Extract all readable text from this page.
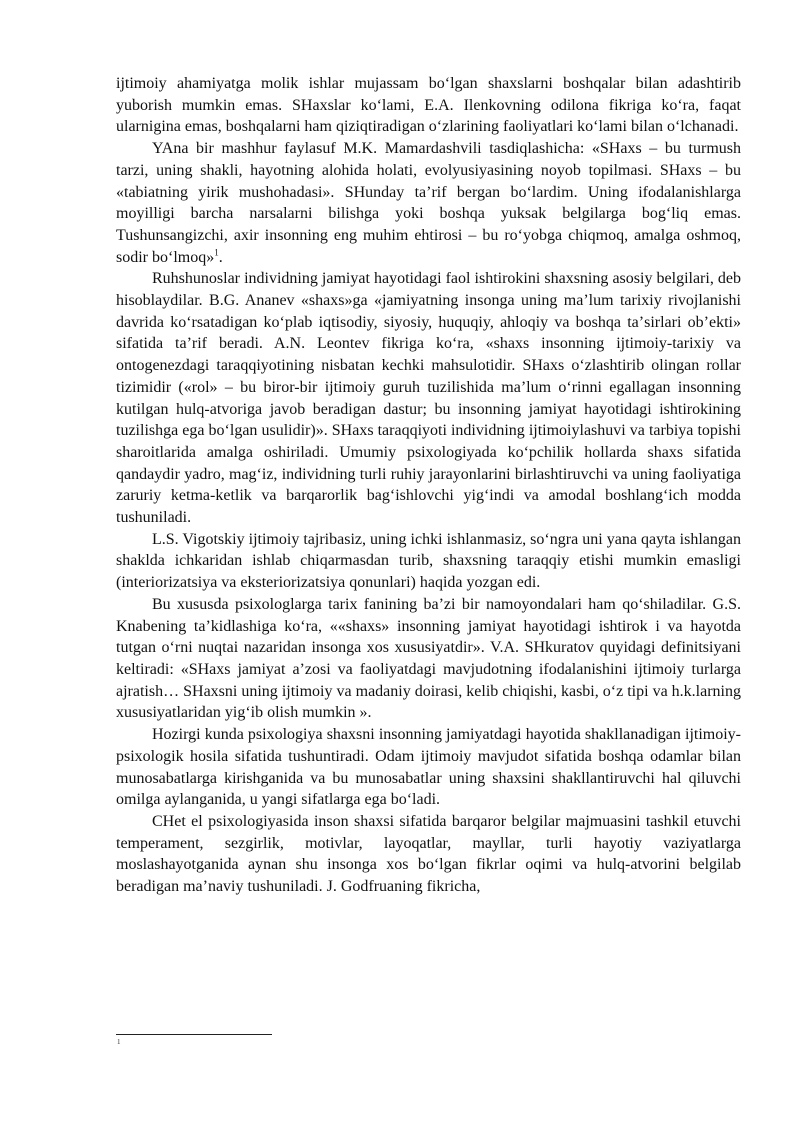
ijtimoiy ahamiyatga molik ishlar mujassam boʻlgan shaxslarni boshqalar bilan adashtirib yuborish mumkin emas. SHaxslar koʻlami, E.A. Ilenkovning odilona fikriga koʻra, faqat ularnigina emas, boshqalarni ham qiziqtiradigan oʻzlarining faoliyatlari koʻlami bilan oʻlchanadi.

YAna bir mashhur faylasuf M.K. Mamardashvili tasdiqlashicha: «SHaxs – bu turmush tarzi, uning shakli, hayotning alohida holati, evolyusiyasining noyob topilmasi. SHaxs – bu «tabiatning yirik mushohadasi». SHunday taʼrif bergan boʻlardim. Uning ifodalanishlarga moyilligi barcha narsalarni bilishga yoki boshqa yuksak belgilarga bogʻliq emas. Tushunsangizchi, axir insonning eng muhim ehtirosi – bu roʻyobga chiqmoq, amalga oshmoq, sodir boʻlmoq»$^1$.

Ruhshunoslar individning jamiyat hayotidagi faol ishtirokini shaxsning asosiy belgilari, deb hisoblaydilar. B.G. Ananev «shaxs»ga «jamiyatning insonga uning maʼlum tarixiy rivojlanishi davrida koʻrsatadigan koʻplab iqtisodiy, siyosiy, huquqiy, ahloqiy va boshqa taʼsirlari obʼekti» sifatida taʼrif beradi. A.N. Leontev fikriga koʻra, «shaxs insonning ijtimoiy-tarixiy va ontogenezdagi taraqqiyotining nisbatan kechki mahsulotidir. SHaxs oʻzlashtirib olingan rollar tizimidir («rol» – bu biror-bir ijtimoiy guruh tuzilishida maʼlum oʻrinni egallagan insonning kutilgan hulq-atvoriga javob beradigan dastur; bu insonning jamiyat hayotidagi ishtirokining tuzilishga ega boʻlgan usulidir)». SHaxs taraqqiyoti individning ijtimoiylashuvi va tarbiya topishi sharoitlarida amalga oshiriladi. Umumiy psixologiyada koʻpchilik hollarda shaxs sifatida qandaydir yadro, magʻiz, individning turli ruhiy jarayonlarini birlashtiruvchi va uning faoliyatiga zaruriy ketma-ketlik va barqarorlik bagʻishlovchi yigʻindi va amodal boshlangʻich modda tushuniladi.

L.S. Vigotskiy ijtimoiy tajribasiz, uning ichki ishlanmasiz, soʻngra uni yana qayta ishlangan shaklda ichkaridan ishlab chiqarmasdan turib, shaxsning taraqqiy etishi mumkin emasligi (interiorizatsiya va eksteriorizatsiya qonunlari) haqida yozgan edi.

Bu xususda psixologlarga tarix fanining baʼzi bir namoyondalari ham qoʻshiladilar. G.S. Knabening taʼkidlashiga koʻra, ««shaxs» insonning jamiyat hayotidagi ishtirok i va hayotda tutgan oʻrni nuqtai nazaridan insonga xos xususiyatdir». V.A. SHkuratov quyidagi definitsiyani keltiradi: «SHaxs jamiyat aʼzosi va faoliyatdagi mavjudotning ifodalanishini ijtimoiy turlarga ajratish… SHaxsni uning ijtimoiy va madaniy doirasi, kelib chiqishi, kasbi, oʻz tipi va h.k.larning xususiyatlaridan yigʻib olish mumkin ».

Hozirgi kunda psixologiya shaxsni insonning jamiyatdagi hayotida shakllanadigan ijtimoiy-psixologik hosila sifatida tushuntiradi. Odam ijtimoiy mavjudot sifatida boshqa odamlar bilan munosabatlarga kirishganida va bu munosabatlar uning shaxsini shakllantiruvchi hal qiluvchi omilga aylanganida, u yangi sifatlarga ega boʻladi.

CHet el psixologiyasida inson shaxsi sifatida barqaror belgilar majmuasini tashkil etuvchi temperament, sezgirlik, motivlar, layoqatlar, mayllar, turli hayotiy vaziyatlarga moslashayotganida aynan shu insonga xos boʻlgan fikrlar oqimi va hulq-atvorini belgilab beradigan maʼnaviy tushuniladi. J. Godfruaning fikricha,

1
